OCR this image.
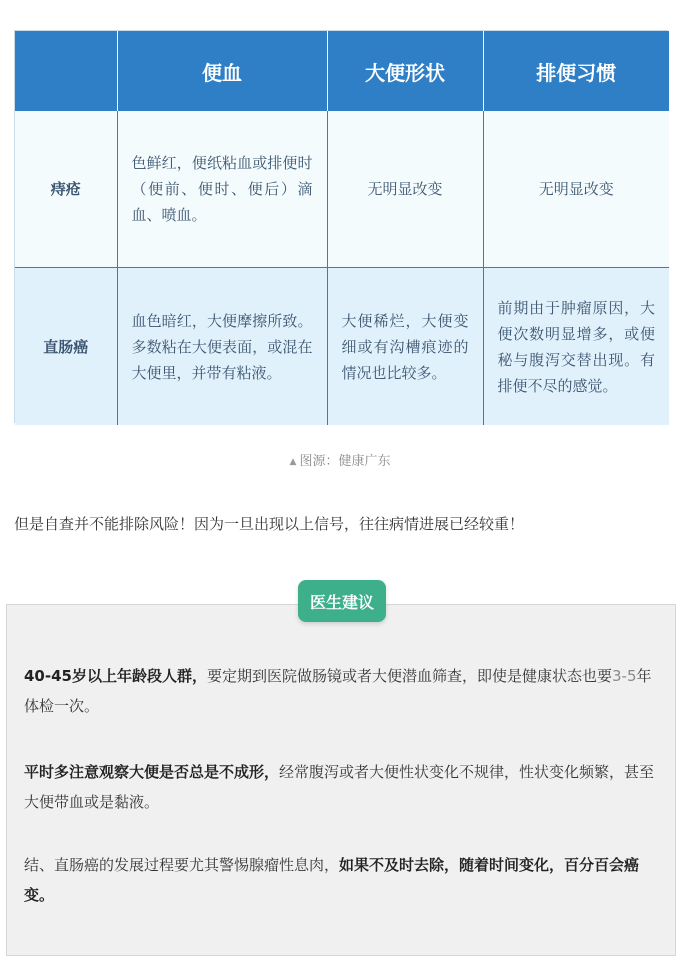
	便血	大便形状	排便习惯
痔疮	色鲜红，便纸粘血或排便时（便前、便时、便后）滴血、喷血。	无明显改变	无明显改变
直肠癌	血色暗红，大便摩擦所致。多数粘在大便表面，或混在大便里，并带有粘液。	大便稀烂，大便变细或有沟槽痕迹的情况也比较多。	前期由于肿瘤原因，大便次数明显增多，或便秘与腹泻交替出现。有排便不尽的感觉。
▲ 图源：健康广东
但是自查并不能排除风险！因为一旦出现以上信号，往往病情进展已经较重！
医生建议
40-45岁以上年龄段人群，要定期到医院做肠镜或者大便潜血筛查，即使是健康状态也要3-5年体检一次。
平时多注意观察大便是否总是不成形，经常腹泻或者大便性状变化不规律，性状变化频繁，甚至大便带血或是黏液。
结、直肠癌的发展过程要尤其警惕腺瘤性息肉，如果不及时去除，随着时间变化，百分百会癌变。
